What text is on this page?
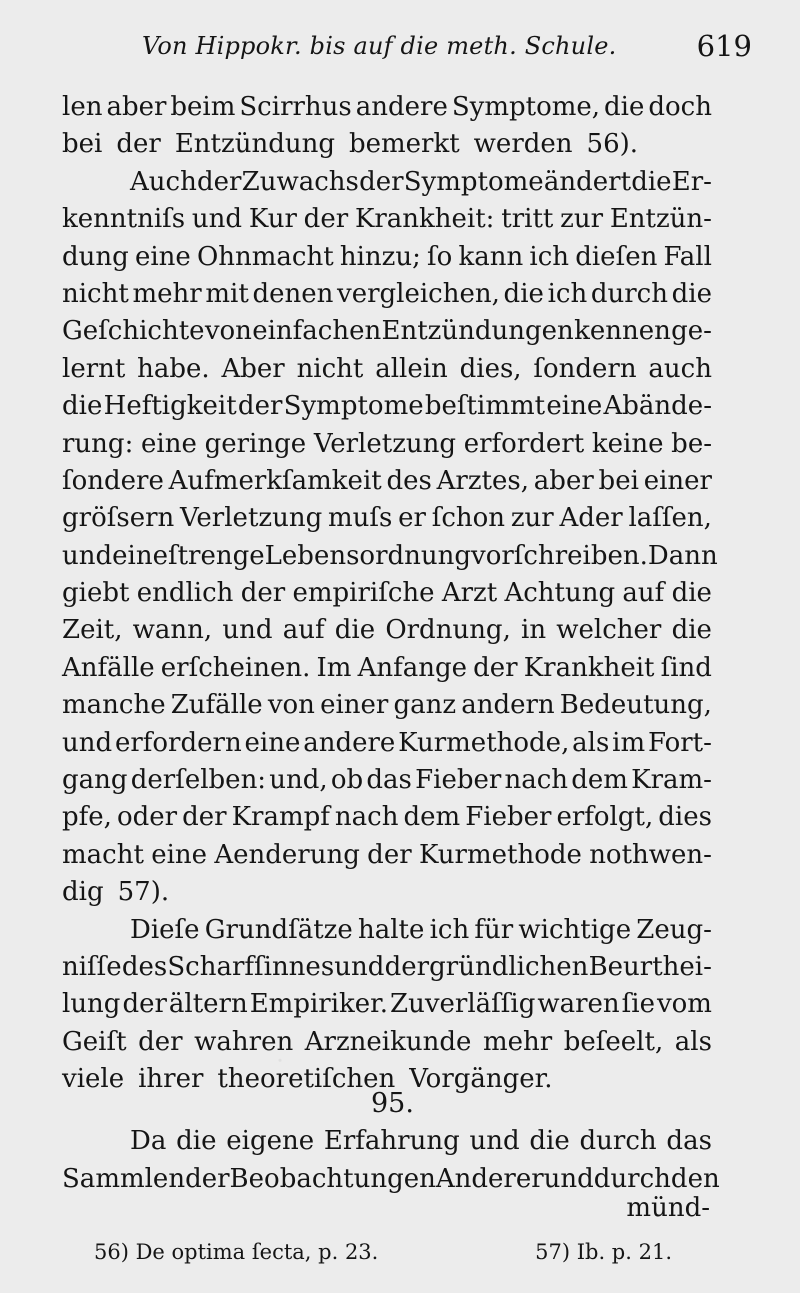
Von Hippokr. bis auf die meth. Schule.	619
len aber beim Scirrhus andere Symptome, die doch
bei der Entzündung bemerkt werden 56).
Auch der Zuwachs der Symptome ändert die Er-
kenntniſs und Kur der Krankheit: tritt zur Entzün-
dung eine Ohnmacht hinzu; ſo kann ich dieſen Fall
nicht mehr mit denen vergleichen, die ich durch die
Geſchichte von einfachen Entzündungen kennen ge-
lernt habe. Aber nicht allein dies, ſondern auch
die Heftigkeit der Symptome beſtimmt eine Abände-
rung: eine geringe Verletzung erfordert keine be-
ſondere Aufmerkſamkeit des Arztes, aber bei einer
gröſsern Verletzung muſs er ſchon zur Ader laſſen,
und eine ſtrenge Lebensordnung vorſchreiben. Dann
giebt endlich der empiriſche Arzt Achtung auf die
Zeit, wann, und auf die Ordnung, in welcher die
Anfälle erſcheinen. Im Anfange der Krankheit ſind
manche Zufälle von einer ganz andern Bedeutung,
und erfordern eine andere Kurmethode, als im Fort-
gang derſelben: und, ob das Fieber nach dem Kram-
pfe, oder der Krampf nach dem Fieber erfolgt, dies
macht eine Aenderung der Kurmethode nothwen-
dig 57).
Dieſe Grundſätze halte ich für wichtige Zeug-
niſſe des Scharfſinnes und der gründlichen Beurthei-
lung der ältern Empiriker. Zuverläſſig waren ſie vom
Geiſt der wahren Arzneikunde mehr beſeelt, als
viele ihrer theoretiſchen Vorgänger.
95.
Da die eigene Erfahrung und die durch das
Sammlen der Beobachtungen Anderer und durch den
münd-
56) De optima ſecta, p. 23.	57) Ib. p. 21.
